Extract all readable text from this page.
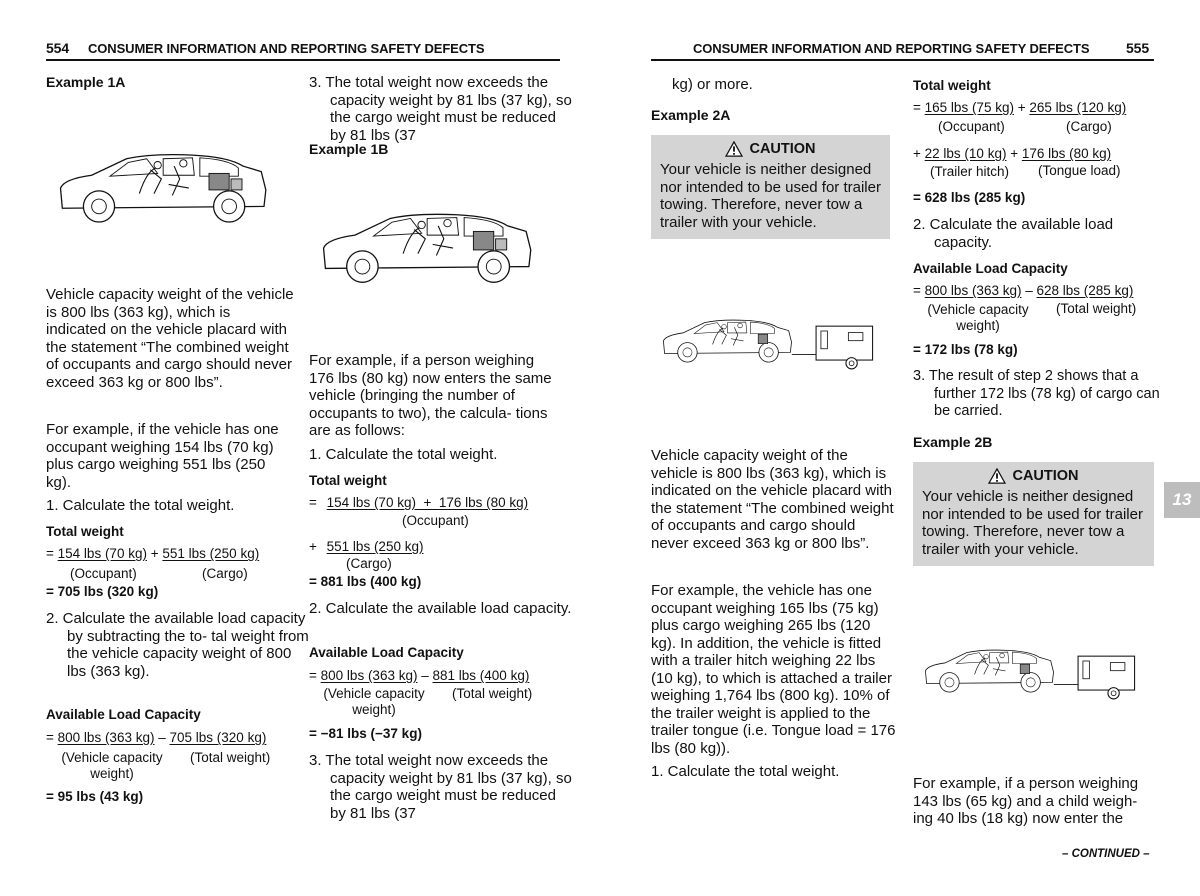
554 CONSUMER INFORMATION AND REPORTING SAFETY DEFECTS
Example 1A

Vehicle capacity weight of the vehicle is 800 lbs (363 kg), which is indicated on the vehicle placard with the statement “The combined weight of occupants and cargo should never exceed 363 kg or 800 lbs”.

For example, if the vehicle has one occupant weighing 154 lbs (70 kg) plus cargo weighing 551 lbs (250 kg).

1. Calculate the total weight.

Total weight
= 154 lbs (70 kg) + 551 lbs (250 kg)
(Occupant)	(Cargo)
= 705 lbs (320 kg)

2. Calculate the available load capacity by subtracting the to- tal weight from the vehicle capacity weight of 800 lbs (363 kg).

Available Load Capacity
= 800 lbs (363 kg) – 705 lbs (320 kg)
(Vehicle capacity weight)
(Total weight)
= 95 lbs (43 kg)

3. The total weight now exceeds the capacity weight by 81 lbs (37 kg), so the cargo weight must be reduced by 81 lbs (37

Example 1B

For example, if a person weighing 176 lbs (80 kg) now enters the same vehicle (bringing the number of occupants to two), the calcula- tions are as follows:

1. Calculate the total weight.

Total weight
= 154 lbs (70 kg)  +  176 lbs (80 kg)
(Occupant)
+ 551 lbs (250 kg)
(Cargo)
= 881 lbs (400 kg)

2. Calculate the available load capacity.

Available Load Capacity
= 800 lbs (363 kg) – 881 lbs (400 kg)
(Vehicle capacity weight)
(Total weight)
= −81 lbs (−37 kg)

3. The total weight now exceeds the capacity weight by 81 lbs (37 kg), so the cargo weight must be reduced by 81 lbs (37

CONSUMER INFORMATION AND REPORTING SAFETY DEFECTS	555

kg) or more.

Example 2A
CAUTION
Your vehicle is neither designed nor intended to be used for trailer towing. Therefore, never tow a trailer with your vehicle.

Vehicle capacity weight of the vehicle is 800 lbs (363 kg), which is indicated on the vehicle placard with the statement “The combined weight of occupants and cargo should never exceed 363 kg or 800 lbs”.

For example, the vehicle has one occupant weighing 165 lbs (75 kg) plus cargo weighing 265 lbs (120 kg). In addition, the vehicle is fitted with a trailer hitch weighing 22 lbs (10 kg), to which is attached a trailer weighing 1,764 lbs (800 kg). 10% of the trailer weight is applied to the trailer tongue (i.e. Tongue load = 176 lbs (80 kg)).

1. Calculate the total weight.

Total weight
= 165 lbs (75 kg) + 265 lbs (120 kg)
(Occupant)	(Cargo)
+ 22 lbs (10 kg) + 176 lbs (80 kg)
(Trailer hitch) (Tongue load)
= 628 lbs (285 kg)

2. Calculate the available load capacity.

Available Load Capacity
= 800 lbs (363 kg) – 628 lbs (285 kg)
(Vehicle capacity weight)
(Total weight)
= 172 lbs (78 kg)

3. The result of step 2 shows that a further 172 lbs (78 kg) of cargo can be carried.

Example 2B
CAUTION
Your vehicle is neither designed nor intended to be used for trailer towing. Therefore, never tow a trailer with your vehicle.

For example, if a person weighing 143 lbs (65 kg) and a child weigh- ing 40 lbs (18 kg) now enter the

– CONTINUED –
13
